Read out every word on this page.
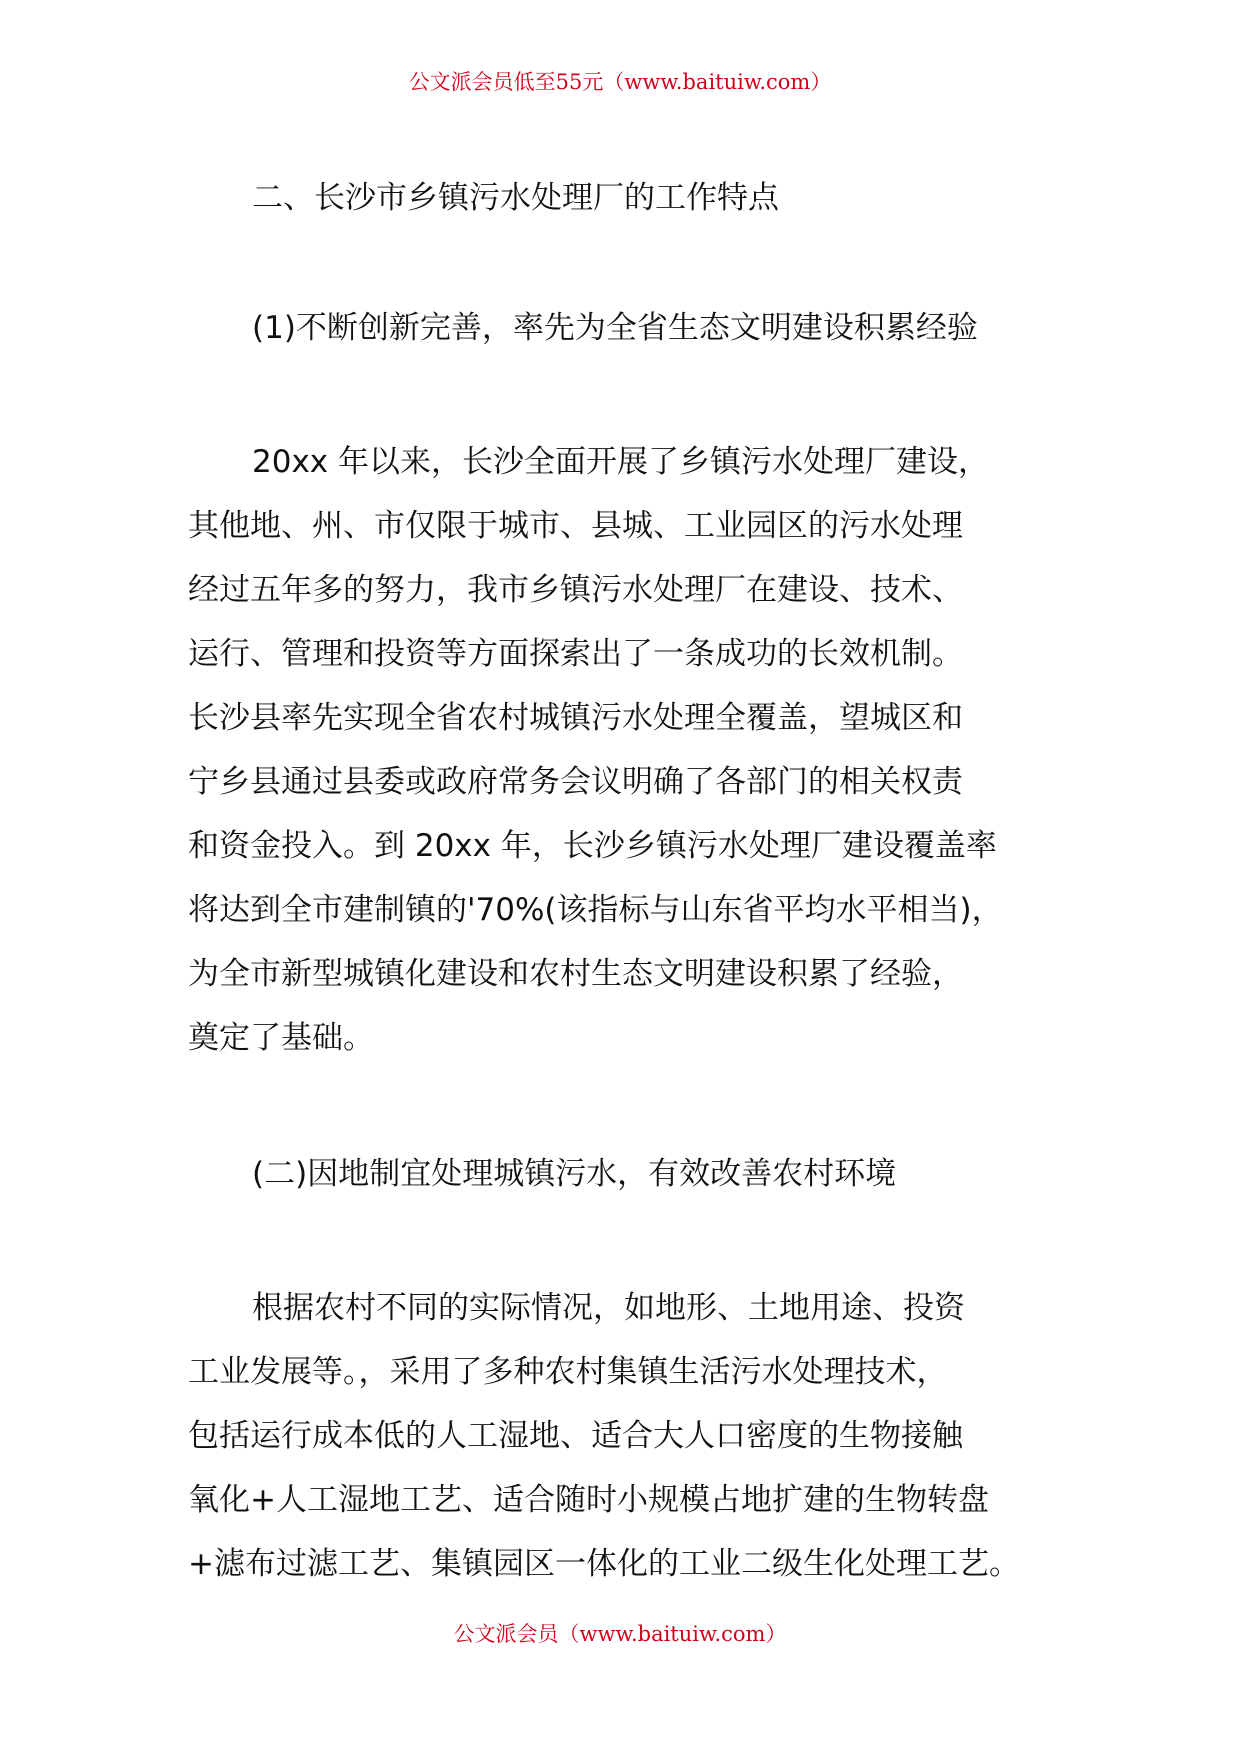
公文派会员低至55元（www.baituiw.com）
二、长沙市乡镇污水处理厂的工作特点
(1)不断创新完善，率先为全省生态文明建设积累经验
20xx 年以来，长沙全面开展了乡镇污水处理厂建设，
其他地、州、市仅限于城市、县城、工业园区的污水处理
经过五年多的努力，我市乡镇污水处理厂在建设、技术、
运行、管理和投资等方面探索出了一条成功的长效机制。
长沙县率先实现全省农村城镇污水处理全覆盖，望城区和
宁乡县通过县委或政府常务会议明确了各部门的相关权责
和资金投入。到 20xx 年，长沙乡镇污水处理厂建设覆盖率
将达到全市建制镇的'70%(该指标与山东省平均水平相当)，
为全市新型城镇化建设和农村生态文明建设积累了经验，
奠定了基础。
(二)因地制宜处理城镇污水，有效改善农村环境
根据农村不同的实际情况，如地形、土地用途、投资
工业发展等。，采用了多种农村集镇生活污水处理技术，
包括运行成本低的人工湿地、适合大人口密度的生物接触
氧化+人工湿地工艺、适合随时小规模占地扩建的生物转盘
+滤布过滤工艺、集镇园区一体化的工业二级生化处理工艺。
公文派会员（www.baituiw.com）
